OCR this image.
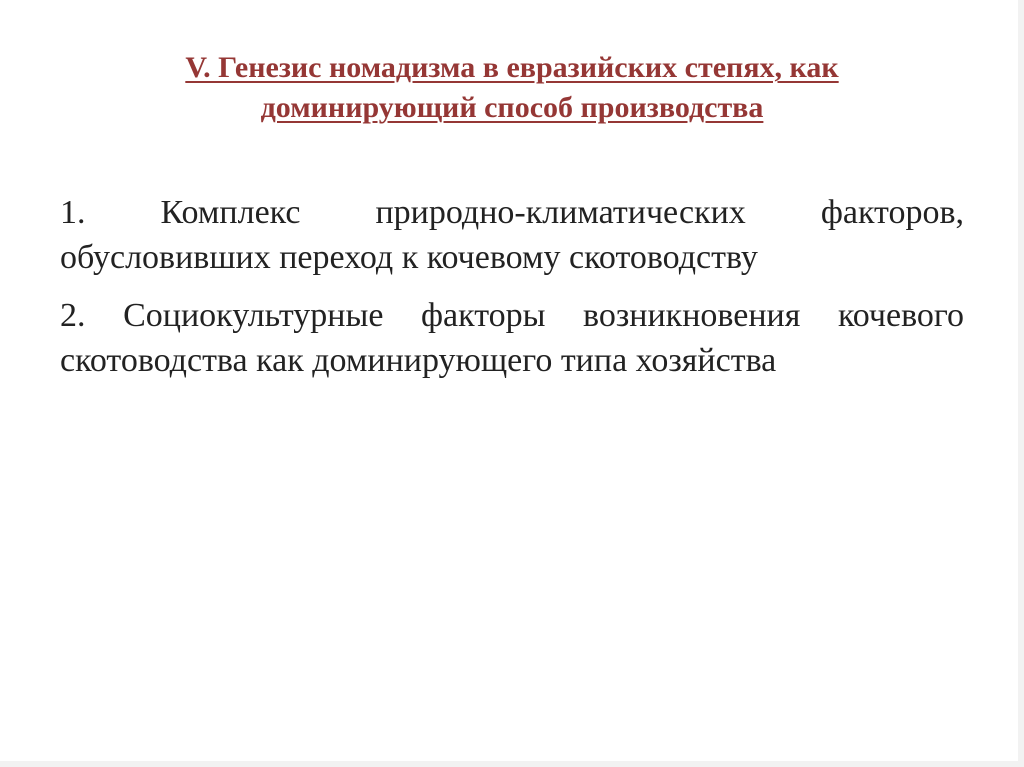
V. Генезис номадизма в евразийских степях, как
доминирующий способ производства

1. Комплекс природно-климатических факторов, обусловивших переход к кочевому скотоводству

2. Социокультурные факторы возникновения кочевого скотоводства как доминирующего типа хозяйства
